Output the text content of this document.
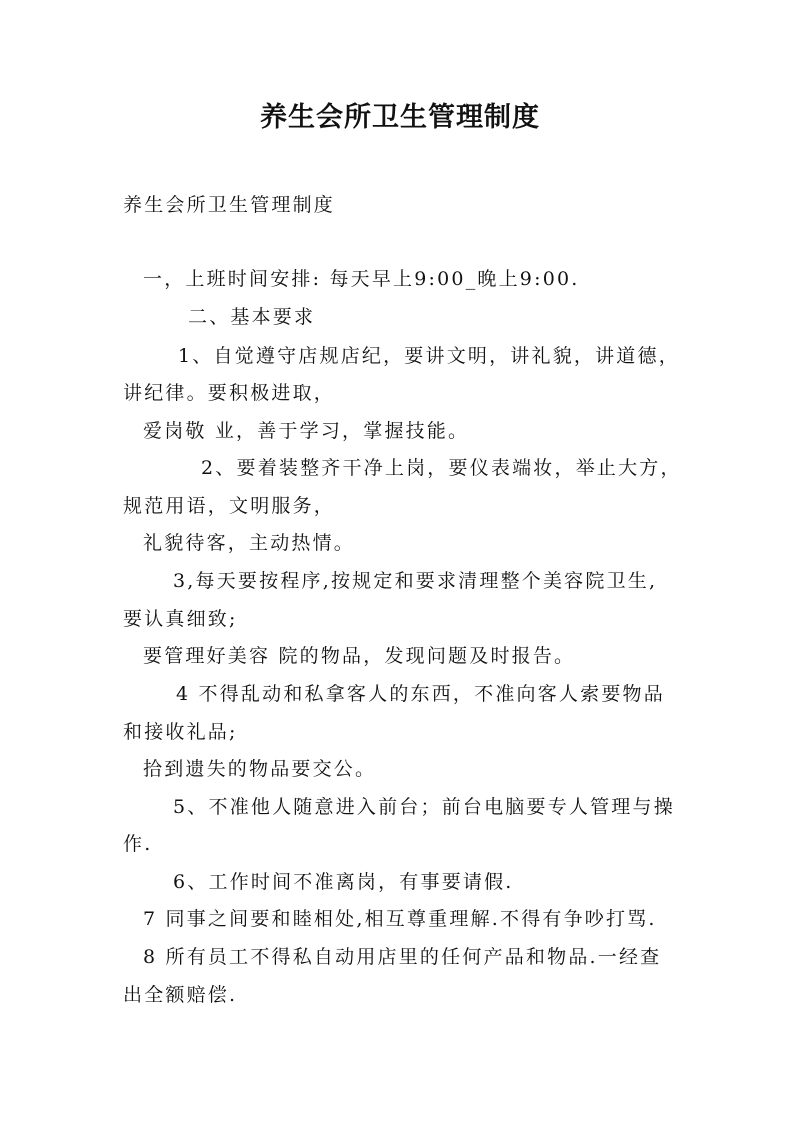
养生会所卫生管理制度
养生会所卫生管理制度
一，上班时间安排: 每天早上9:00_晚上9:00.
二、基本要求
1、自觉遵守店规店纪，要讲文明，讲礼貌，讲道德，
讲纪律。要积极进取，
爱岗敬 业，善于学习，掌握技能。
2、要着装整齐干净上岗，要仪表端妆，举止大方，
规范用语，文明服务，
礼貌待客，主动热情。
3,每天要按程序,按规定和要求清理整个美容院卫生,
要认真细致;
要管理好美容 院的物品，发现问题及时报告。
4 不得乱动和私拿客人的东西，不准向客人索要物品
和接收礼品;
拾到遗失的物品要交公。
5、不准他人随意进入前台；前台电脑要专人管理与操
作.
6、工作时间不准离岗，有事要请假.
7 同事之间要和睦相处,相互尊重理解.不得有争吵打骂.
8 所有员工不得私自动用店里的任何产品和物品.一经查
出全额赔偿.
